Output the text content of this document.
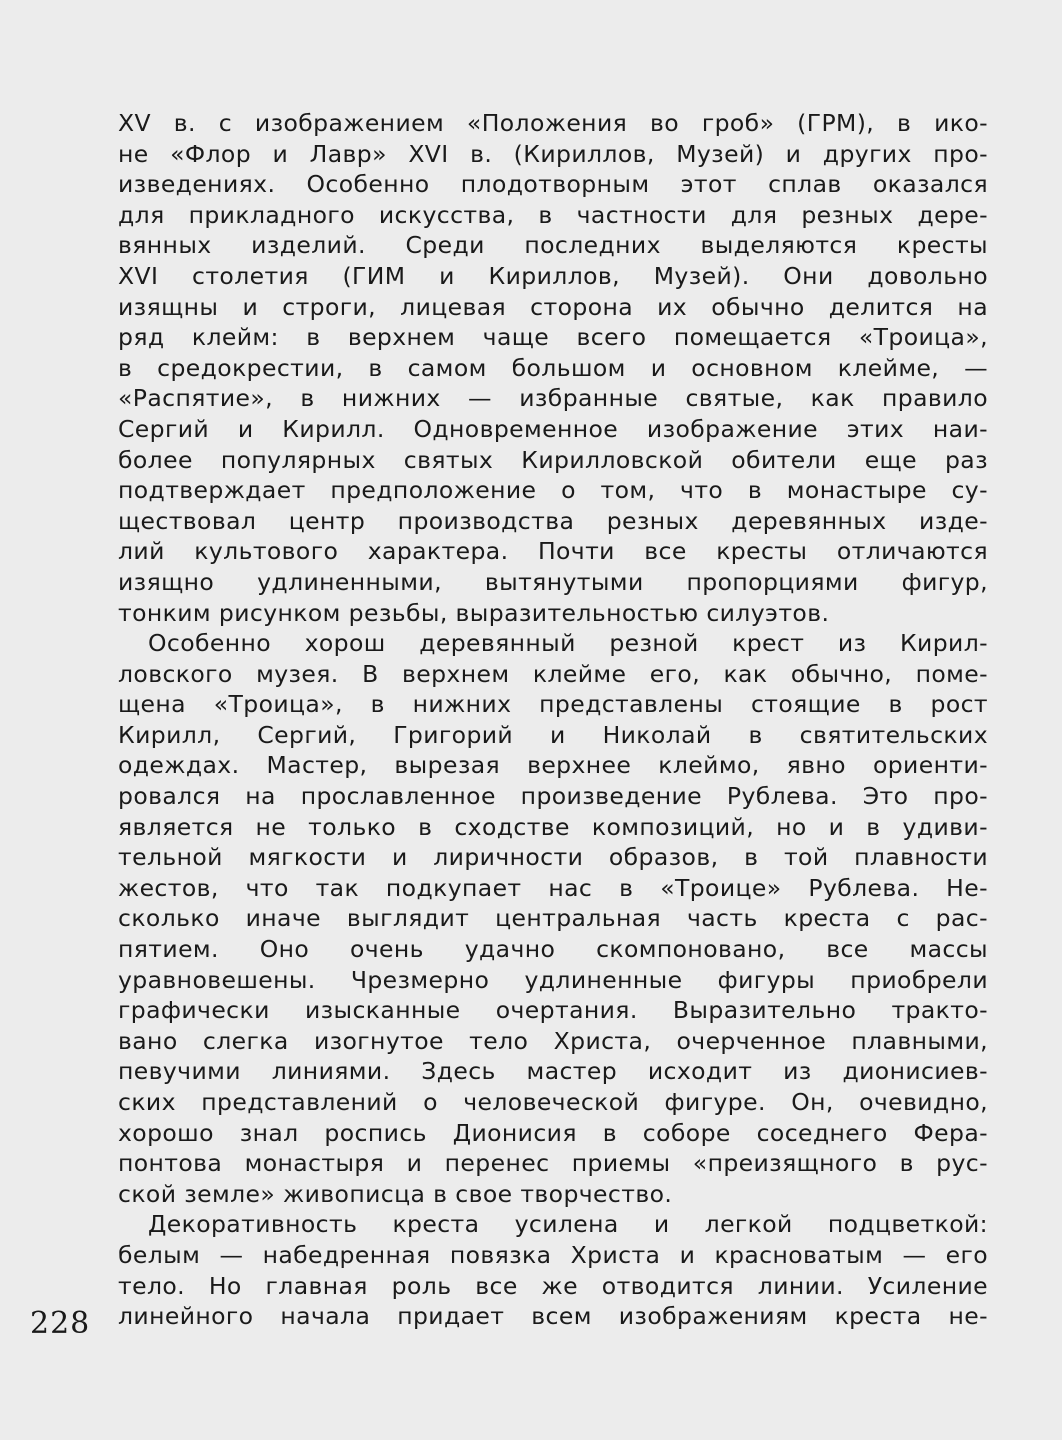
XV в. с изображением «Положения во гроб» (ГРМ), в ико-
не «Флор и Лавр» XVI в. (Кириллов, Музей) и других про-
изведениях. Особенно плодотворным этот сплав оказался
для прикладного искусства, в частности для резных дере-
вянных изделий. Среди последних выделяются кресты
XVI столетия (ГИМ и Кириллов, Музей). Они довольно
изящны и строги, лицевая сторона их обычно делится на
ряд клейм: в верхнем чаще всего помещается «Троица»,
в средокрестии, в самом большом и основном клейме, —
«Распятие», в нижних — избранные святые, как правило
Сергий и Кирилл. Одновременное изображение этих наи-
более популярных святых Кирилловской обители еще раз
подтверждает предположение о том, что в монастыре су-
ществовал центр производства резных деревянных изде-
лий культового характера. Почти все кресты отличаются
изящно удлиненными, вытянутыми пропорциями фигур,
тонким рисунком резьбы, выразительностью силуэтов.
Особенно хорош деревянный резной крест из Кирил-
ловского музея. В верхнем клейме его, как обычно, поме-
щена «Троица», в нижних представлены стоящие в рост
Кирилл, Сергий, Григорий и Николай в святительских
одеждах. Мастер, вырезая верхнее клеймо, явно ориенти-
ровался на прославленное произведение Рублева. Это про-
является не только в сходстве композиций, но и в удиви-
тельной мягкости и лиричности образов, в той плавности
жестов, что так подкупает нас в «Троице» Рублева. Не-
сколько иначе выглядит центральная часть креста с рас-
пятием. Оно очень удачно скомпоновано, все массы
уравновешены. Чрезмерно удлиненные фигуры приобрели
графически изысканные очертания. Выразительно тракто-
вано слегка изогнутое тело Христа, очерченное плавными,
певучими линиями. Здесь мастер исходит из дионисиев-
ских представлений о человеческой фигуре. Он, очевидно,
хорошо знал роспись Дионисия в соборе соседнего Ферa-
понтова монастыря и перенес приемы «преизящного в рус-
ской земле» живописца в свое творчество.
Декоративность креста усилена и легкой подцветкой:
белым — набедренная повязка Христа и красноватым — его
тело. Но главная роль все же отводится линии. Усиление
линейного начала придает всем изображениям креста не-
228
